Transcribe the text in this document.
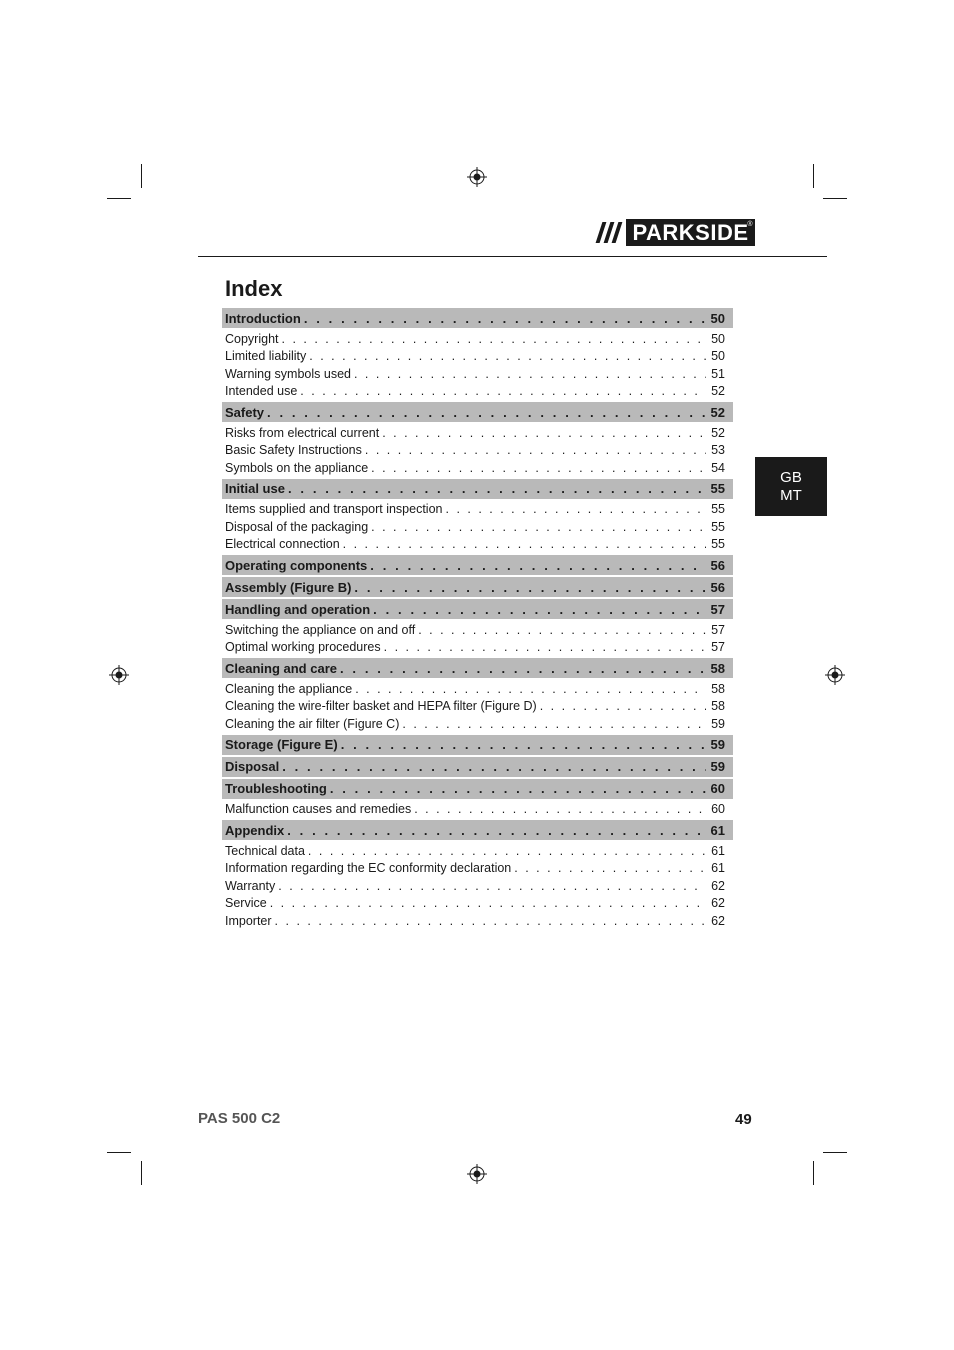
PARKSIDE
®
Index
GB
MT
Introduction . . .	50
Copyright . . .	50
Limited liability . . .	50
Warning symbols used . . .	51
Intended use . . .	52
Safety . . .	52
Risks from electrical current . . .	52
Basic Safety Instructions . . .	53
Symbols on the appliance . . .	54
Initial use . . .	55
Items supplied and transport inspection . . .	55
Disposal of the packaging . . .	55
Electrical connection . . .	55
Operating components . . .	56
Assembly (Figure B) . . .	56
Handling and operation . . .	57
Switching the appliance on and off . . .	57
Optimal working procedures . . .	57
Cleaning and care . . .	58
Cleaning the appliance . . .	58
Cleaning the wire-filter basket and HEPA filter (Figure D) . . .	58
Cleaning the air filter (Figure C) . . .	59
Storage (Figure E) . . .	59
Disposal . . .	59
Troubleshooting . . .	60
Malfunction causes and remedies . . .	60
Appendix . . .	61
Technical data . . .	61
Information regarding the EC conformity declaration . . .	61
Warranty . . .	62
Service . . .	62
Importer . . .	62
PAS 500 C2	49
